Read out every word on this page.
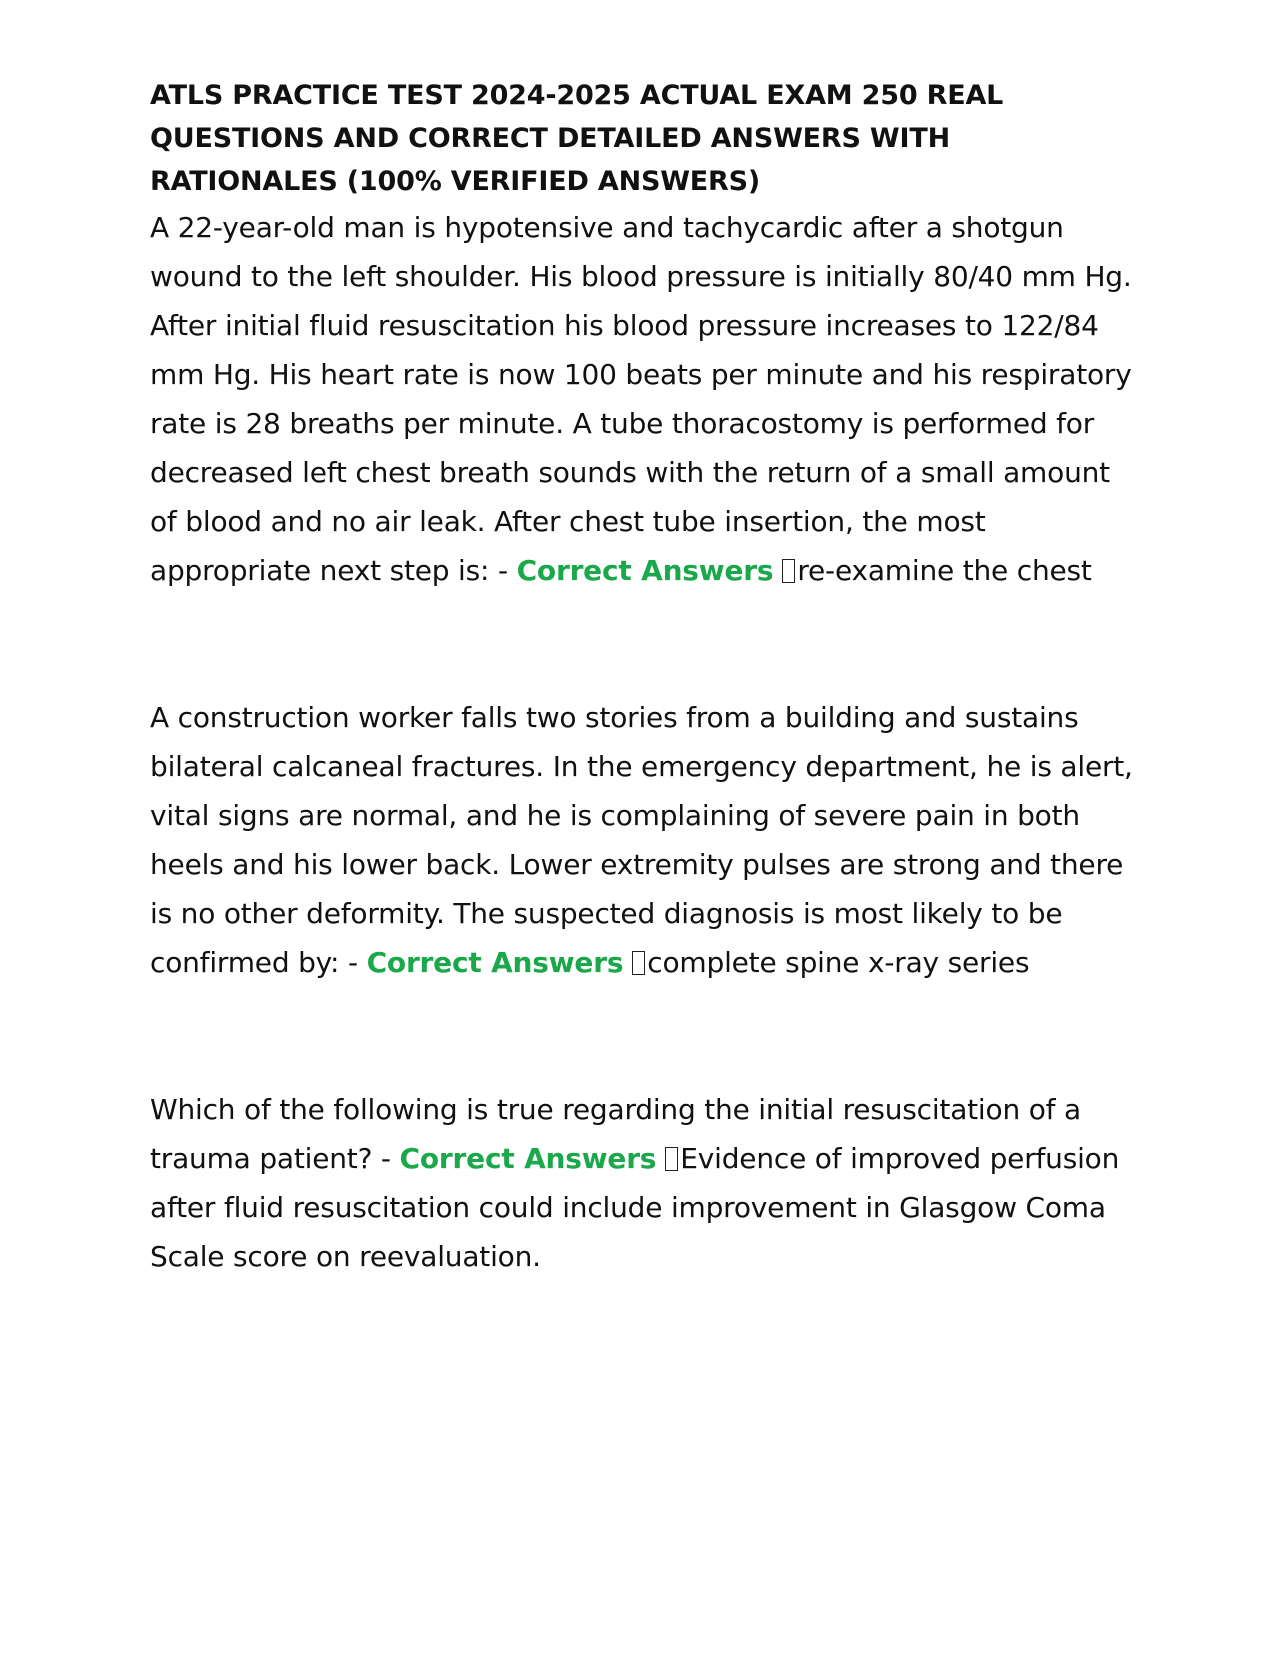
ATLS PRACTICE TEST 2024-2025 ACTUAL EXAM 250 REAL QUESTIONS AND CORRECT DETAILED ANSWERS WITH RATIONALES (100% VERIFIED ANSWERS)

A 22-year-old man is hypotensive and tachycardic after a shotgun wound to the left shoulder. His blood pressure is initially 80/40 mm Hg. After initial fluid resuscitation his blood pressure increases to 122/84 mm Hg. His heart rate is now 100 beats per minute and his respiratory rate is 28 breaths per minute. A tube thoracostomy is performed for decreased left chest breath sounds with the return of a small amount of blood and no air leak. After chest tube insertion, the most appropriate next step is: - Correct Answers re-examine the chest

A construction worker falls two stories from a building and sustains bilateral calcaneal fractures. In the emergency department, he is alert, vital signs are normal, and he is complaining of severe pain in both heels and his lower back. Lower extremity pulses are strong and there is no other deformity. The suspected diagnosis is most likely to be confirmed by: - Correct Answers complete spine x-ray series

Which of the following is true regarding the initial resuscitation of a trauma patient? - Correct Answers Evidence of improved perfusion after fluid resuscitation could include improvement in Glasgow Coma Scale score on reevaluation.
